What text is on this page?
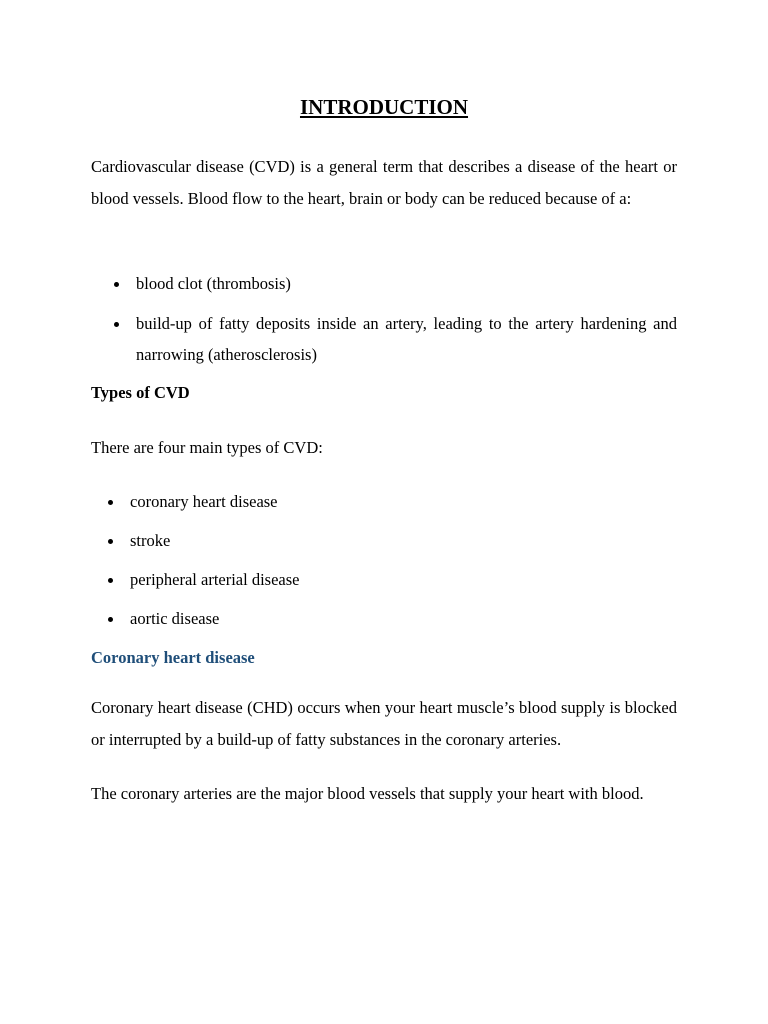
INTRODUCTION

Cardiovascular disease (CVD) is a general term that describes a disease of the heart or blood vessels. Blood flow to the heart, brain or body can be reduced because of a:

blood clot (thrombosis)
build-up of fatty deposits inside an artery, leading to the artery hardening and narrowing (atherosclerosis)
Types of CVD
There are four main types of CVD:
coronary heart disease
stroke
peripheral arterial disease
aortic disease
Coronary heart disease

Coronary heart disease (CHD) occurs when your heart muscle’s blood supply is blocked or interrupted by a build-up of fatty substances in the coronary arteries.

The coronary arteries are the major blood vessels that supply your heart with blood.
